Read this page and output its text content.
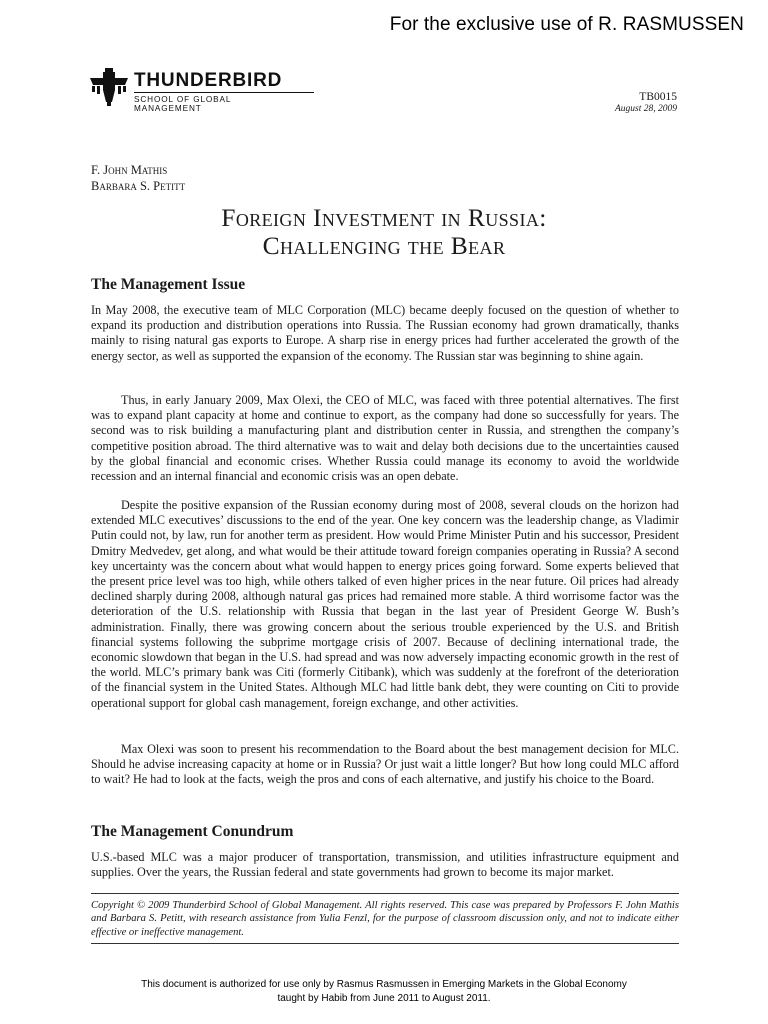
For the exclusive use of R. RASMUSSEN
THUNDERBIRD
SCHOOL OF GLOBAL MANAGEMENT
TB0015
August 28, 2009
F. John Mathis
Barbara S. Petitt
Foreign Investment in Russia:
Challenging the Bear
The Management Issue

In May 2008, the executive team of MLC Corporation (MLC) became deeply focused on the question of whether to expand its production and distribution operations into Russia. The Russian economy had grown dramatically, thanks mainly to rising natural gas exports to Europe. A sharp rise in energy prices had further accelerated the growth of the energy sector, as well as supported the expansion of the economy. The Russian star was beginning to shine again.

Thus, in early January 2009, Max Olexi, the CEO of MLC, was faced with three potential alternatives. The first was to expand plant capacity at home and continue to export, as the company had done so successfully for years. The second was to risk building a manufacturing plant and distribution center in Russia, and strengthen the company’s competitive position abroad. The third alternative was to wait and delay both decisions due to the uncertainties caused by the global financial and economic crises. Whether Russia could manage its economy to avoid the worldwide recession and an internal financial and economic crisis was an open debate.

Despite the positive expansion of the Russian economy during most of 2008, several clouds on the horizon had extended MLC executives’ discussions to the end of the year. One key concern was the leadership change, as Vladimir Putin could not, by law, run for another term as president. How would Prime Minister Putin and his successor, President Dmitry Medvedev, get along, and what would be their attitude toward foreign companies operating in Russia? A second key uncertainty was the concern about what would happen to energy prices going forward. Some experts believed that the present price level was too high, while others talked of even higher prices in the near future. Oil prices had already declined sharply during 2008, although natural gas prices had remained more stable. A third worrisome factor was the deterioration of the U.S. relationship with Russia that began in the last year of President George W. Bush’s administration. Finally, there was growing concern about the serious trouble experienced by the U.S. and British financial systems following the subprime mortgage crisis of 2007. Because of declining international trade, the economic slowdown that began in the U.S. had spread and was now adversely impacting economic growth in the rest of the world. MLC’s primary bank was Citi (formerly Citibank), which was suddenly at the forefront of the deterioration of the financial system in the United States. Although MLC had little bank debt, they were counting on Citi to provide operational support for global cash management, foreign exchange, and other activities.

Max Olexi was soon to present his recommendation to the Board about the best management decision for MLC. Should he advise increasing capacity at home or in Russia? Or just wait a little longer? But how long could MLC afford to wait? He had to look at the facts, weigh the pros and cons of each alternative, and justify his choice to the Board.

The Management Conundrum

U.S.-based MLC was a major producer of transportation, transmission, and utilities infrastructure equipment and supplies. Over the years, the Russian federal and state governments had grown to become its major market.

Copyright © 2009 Thunderbird School of Global Management. All rights reserved. This case was prepared by Professors F. John Mathis and Barbara S. Petitt, with research assistance from Yulia Fenzl, for the purpose of classroom discussion only, and not to indicate either effective or ineffective management.

This document is authorized for use only by Rasmus Rasmussen in Emerging Markets in the Global Economy
taught by Habib from June 2011 to August 2011.
